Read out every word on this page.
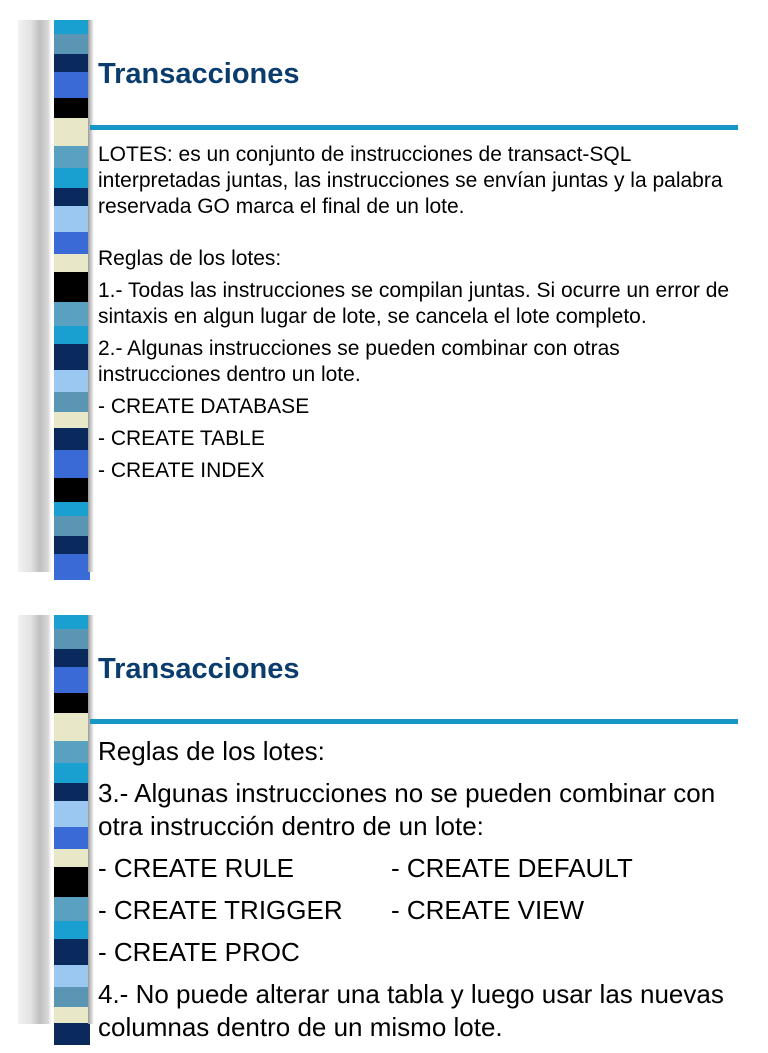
Transacciones

LOTES: es un conjunto de instrucciones de transact-SQL interpretadas juntas, las instrucciones se envían juntas y la palabra reservada GO marca el final de un lote.

Reglas de los lotes:

1.- Todas las instrucciones se compilan juntas. Si ocurre un error de sintaxis en algun lugar de lote, se cancela el lote completo.

2.- Algunas instrucciones se pueden combinar con otras instrucciones dentro un lote.

- CREATE DATABASE

- CREATE TABLE

- CREATE INDEX

Transacciones

Reglas de los lotes:

3.- Algunas instrucciones no se pueden combinar con otra instrucción dentro de un lote:

- CREATE RULE	- CREATE DEFAULT
- CREATE TRIGGER	- CREATE VIEW
- CREATE PROC

4.- No puede alterar una tabla y luego usar las nuevas columnas dentro de un mismo lote.
